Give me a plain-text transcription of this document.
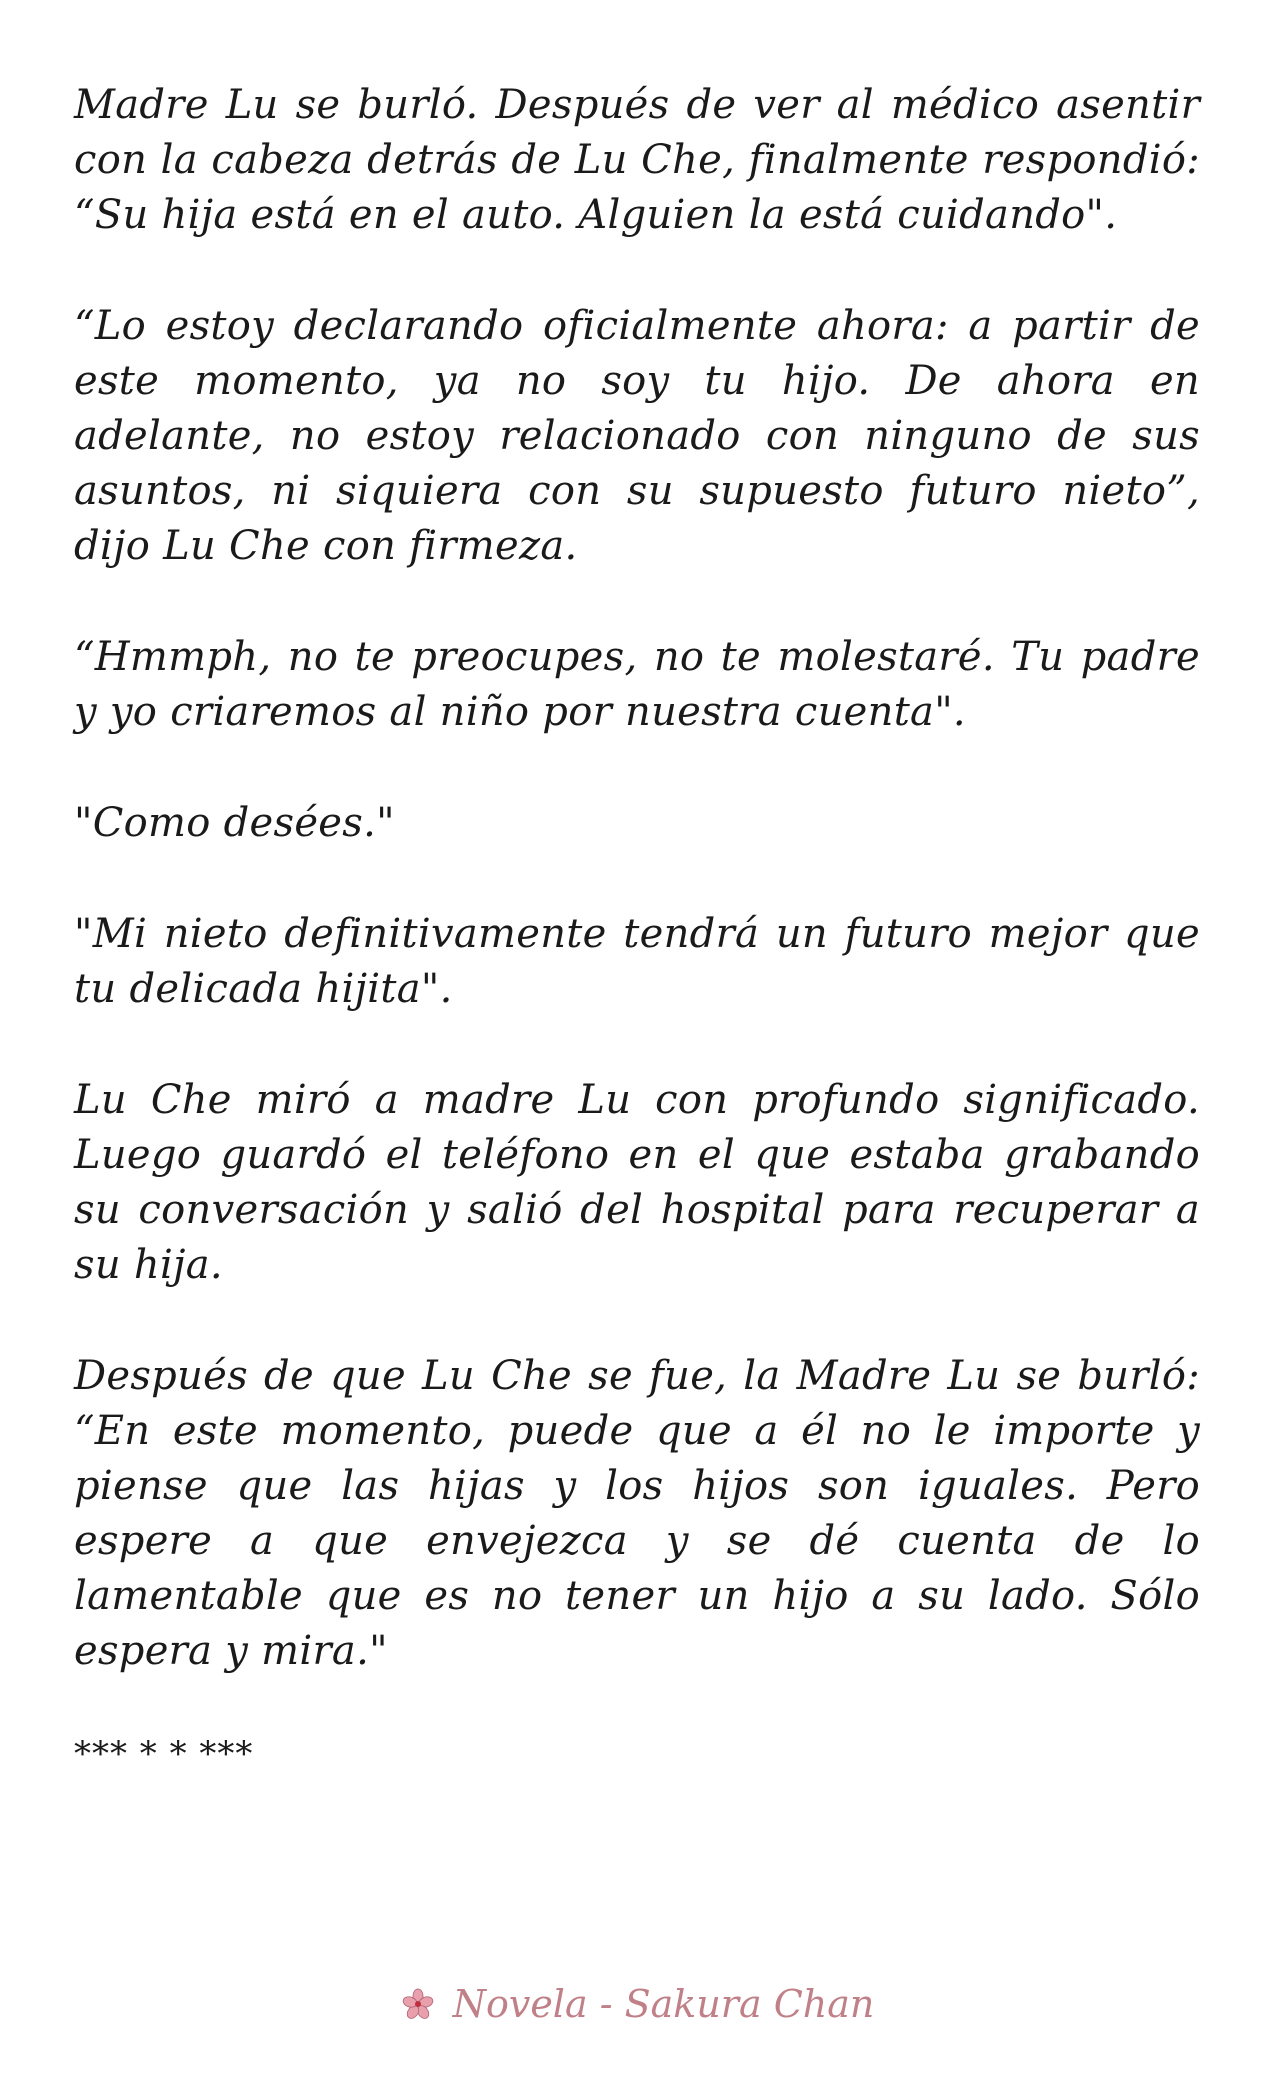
Madre Lu se burló. Después de ver al médico asentir con la cabeza detrás de Lu Che, finalmente respondió: “Su hija está en el auto. Alguien la está cuidando".

“Lo estoy declarando oficialmente ahora: a partir de este momento, ya no soy tu hijo. De ahora en adelante, no estoy relacionado con ninguno de sus asuntos, ni siquiera con su supuesto futuro nieto”, dijo Lu Che con firmeza.

“Hmmph, no te preocupes, no te molestaré. Tu padre y yo criaremos al niño por nuestra cuenta".

"Como desées."

"Mi nieto definitivamente tendrá un futuro mejor que tu delicada hijita".

Lu Che miró a madre Lu con profundo significado. Luego guardó el teléfono en el que estaba grabando su conversación y salió del hospital para recuperar a su hija.

Después de que Lu Che se fue, la Madre Lu se burló: “En este momento, puede que a él no le importe y piense que las hijas y los hijos son iguales. Pero espere a que envejezca y se dé cuenta de lo lamentable que es no tener un hijo a su lado. Sólo espera y mira."

*** * * ***

Novela - Sakura Chan
